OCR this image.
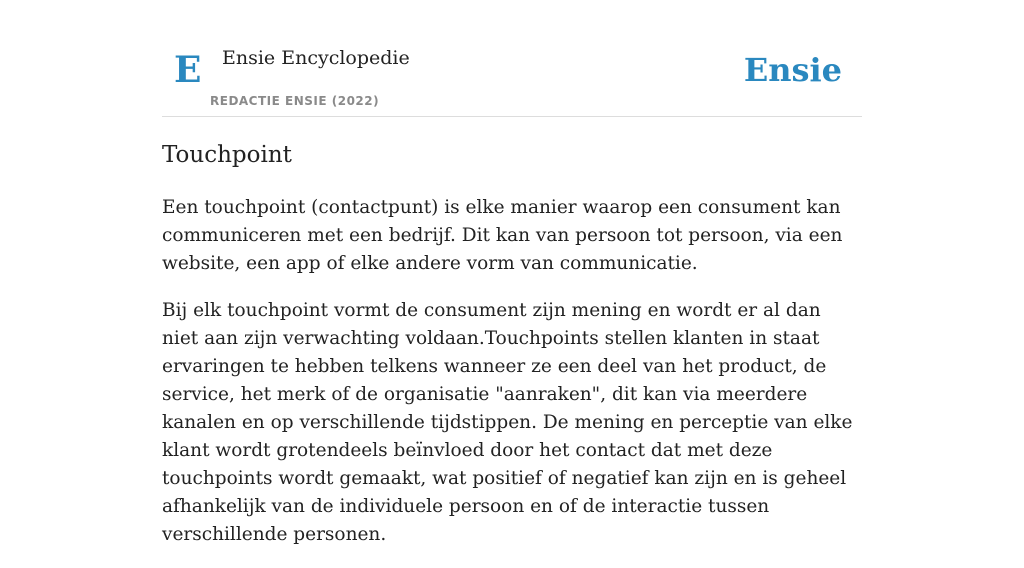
E Ensie Encyclopedie
REDACTIE ENSIE (2022)
Ensie
Touchpoint

Een touchpoint (contactpunt) is elke manier waarop een consument kan communiceren met een bedrijf. Dit kan van persoon tot persoon, via een website, een app of elke andere vorm van communicatie.

Bij elk touchpoint vormt de consument zijn mening en wordt er al dan niet aan zijn verwachting voldaan.Touchpoints stellen klanten in staat ervaringen te hebben telkens wanneer ze een deel van het product, de service, het merk of de organisatie "aanraken", dit kan via meerdere kanalen en op verschillende tijdstippen. De mening en perceptie van elke klant wordt grotendeels beïnvloed door het contact dat met deze touchpoints wordt gemaakt, wat positief of negatief kan zijn en is geheel afhankelijk van de individuele persoon en of de interactie tussen verschillende personen.
